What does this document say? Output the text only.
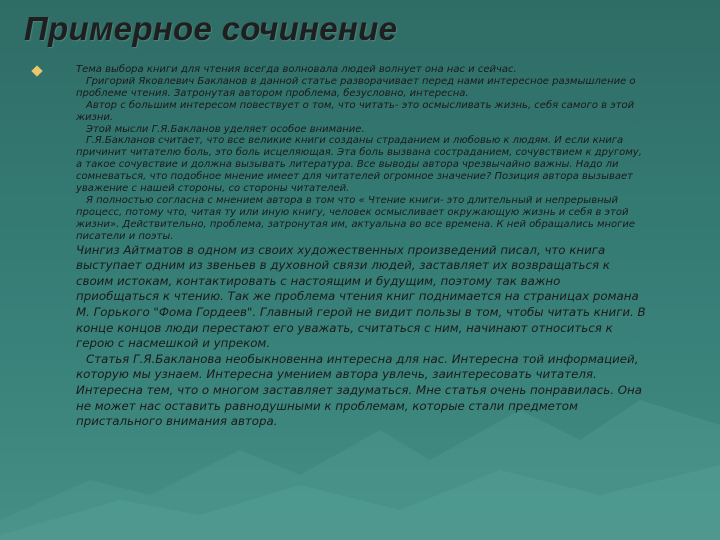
Примерное сочинение

Тема выбора книги для чтения всегда волновала людей волнует она нас и сейчас.

Григорий Яковлевич Бакланов в данной статье разворачивает перед нами интересное размышление о проблеме чтения. Затронутая автором проблема, безусловно, интересна.

Автор с большим интересом повествует о том, что читать- это осмысливать жизнь, себя самого в этой жизни.

Этой мысли Г.Я.Бакланов уделяет особое внимание.

Г.Я.Бакланов считает, что все великие книги созданы страданием и любовью к людям. И если книга причинит читателю боль, это боль исцеляющая. Эта боль вызвана состраданием, сочувствием к другому, а такое сочувствие и должна вызывать литература. Все выводы автора чрезвычайно важны. Надо ли сомневаться, что подобное мнение имеет для читателей огромное значение? Позиция автора вызывает уважение с нашей стороны, со стороны читателей.

Я полностью согласна с мнением автора в том что « Чтение книги- это длительный и непрерывный процесс, потому что, читая ту или иную книгу, человек осмысливает окружающую жизнь и себя в этой жизни». Действительно, проблема, затронутая им, актуальна во все времена. К ней обращались многие писатели и поэты.

Чингиз Айтматов в одном из своих художественных произведений писал, что книга выступает одним из звеньев в духовной связи людей, заставляет их возвращаться к своим истокам, контактировать с настоящим и будущим, поэтому так важно приобщаться к чтению. Так же проблема чтения книг поднимается на страницах романа М. Горького "Фома Гордеев". Главный герой не видит пользы в том, чтобы читать книги. В конце концов люди перестают его уважать, считаться с ним, начинают относиться к герою с насмешкой и упреком.

Статья Г.Я.Бакланова необыкновенна интересна для нас. Интересна той информацией, которую мы узнаем. Интересна умением автора увлечь, заинтересовать читателя. Интересна тем, что о многом заставляет задуматься. Мне статья очень понравилась. Она не может нас оставить равнодушными к проблемам, которые стали предметом пристального внимания автора.
